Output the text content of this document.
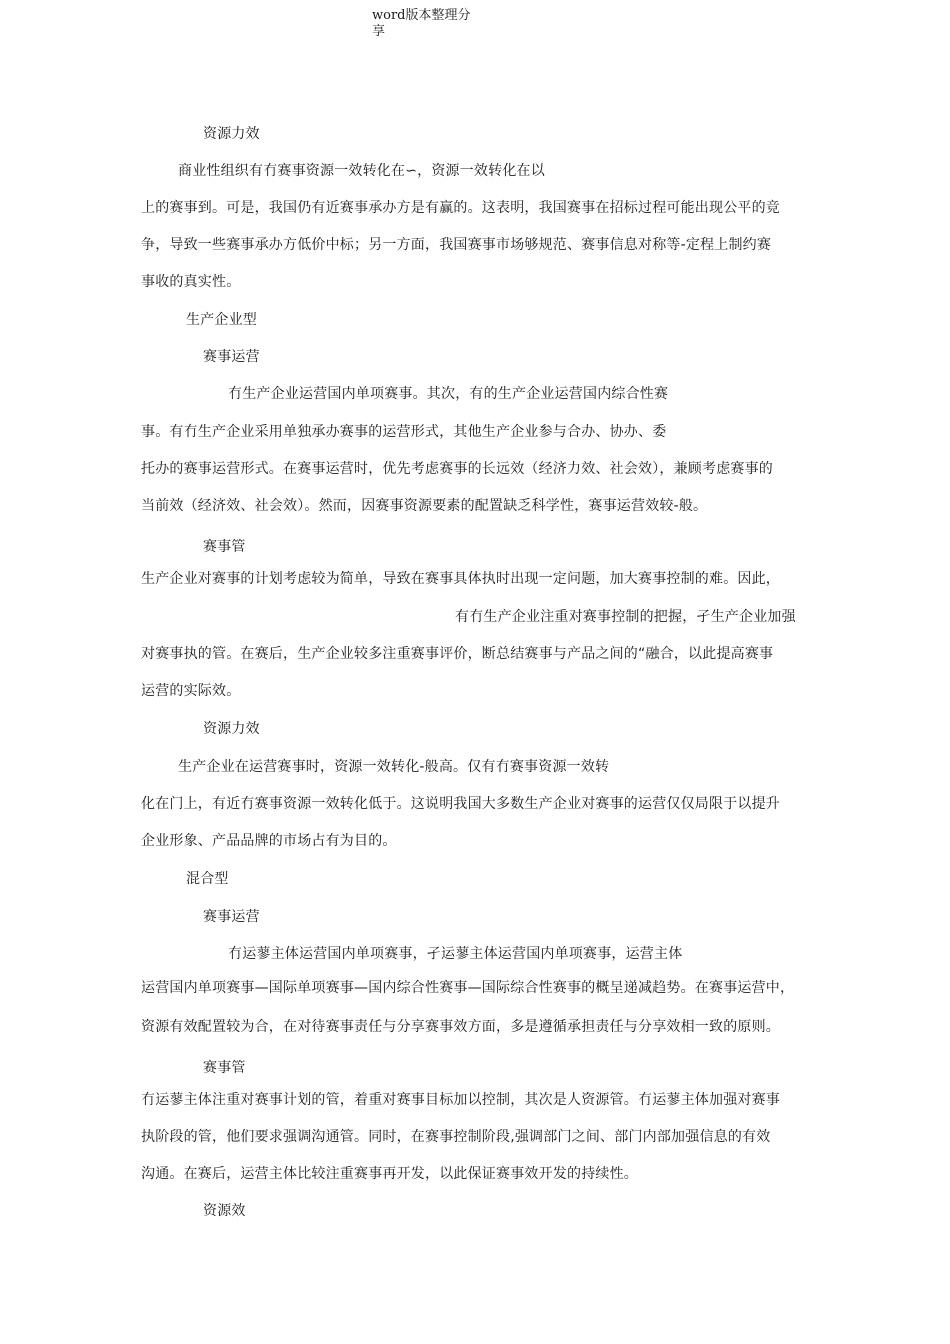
word版本整理分
享
资源力效
商业性组织有冇赛事资源一效转化在∽，资源一效转化在以
上的赛事到。可是，我国仍有近赛事承办方是有赢的。这表明，我国赛事在招标过程可能出现公平的竞
争，导致一些赛事承办方低价中标；另一方面，我国赛事市场够规范、赛事信息对称等-定程上制约赛
事收的真实性。
生产企业型
赛事运营
冇生产企业运营国内单项赛事。其次，有的生产企业运营国内综合性赛
事。有冇生产企业采用单独承办赛事的运营形式，其他生产企业参与合办、协办、委
托办的赛事运营形式。在赛事运营时，优先考虑赛事的长远效（经济力效、社会效），兼顾考虑赛事的
当前效（经济效、社会效）。然而，因赛事资源要素的配置缺乏科学性，赛事运营效较-般。
赛事管
生产企业对赛事的计划考虑较为简单，导致在赛事具体执时出现一定问题，加大赛事控制的难。因此，
有冇生产企业注重对赛事控制的把握，孑生产企业加强
对赛事执的管。在赛后，生产企业较多注重赛事评价，断总结赛事与产品之间的“融合，以此提高赛事
运营的实际效。
资源力效
生产企业在运营赛事时，资源一效转化-般高。仅有冇赛事资源一效转
化在门上，有近冇赛事资源一效转化低于。这说明我国大多数生产企业对赛事的运营仅仅局限于以提升
企业形象、产品品牌的市场占有为目的。
混合型
赛事运营
冇运蓼主体运营国内单项赛事，孑运蓼主体运营国内单项赛事，运营主体
运营国内单项赛事—国际单项赛事—国内综合性赛事—国际综合性赛事的概呈递减趋势。在赛事运营中，
资源有效配置较为合，在对待赛事责任与分享赛事效方面，多是遵循承担责任与分享效相一致的原则。
赛事管
冇运蓼主体注重对赛事计划的管，着重对赛事目标加以控制，其次是人资源管。冇运蓼主体加强对赛事
执阶段的管，他们要求强调沟通管。同时，在赛事控制阶段,强调部门之间、部门内部加强信息的有效
沟通。在赛后，运营主体比较注重赛事再开发，以此保证赛事效开发的持续性。
资源效
